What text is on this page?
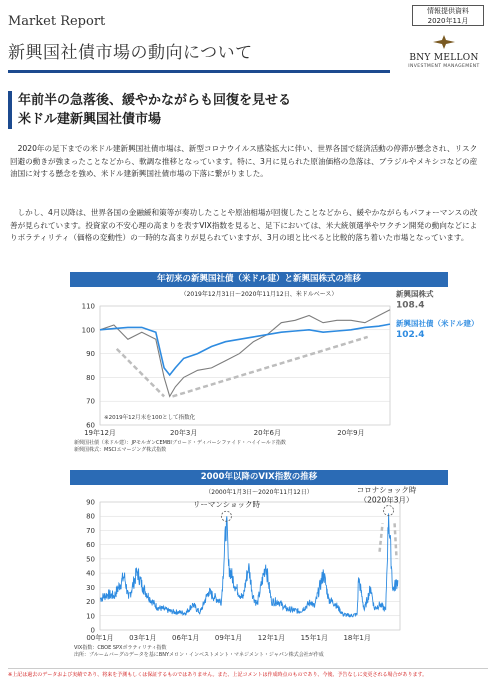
Market Report
新興国社債市場の動向について
情報提供資料
2020年11月
BNY MELLON
INVESTMENT MANAGEMENT
年前半の急落後、緩やかながらも回復を見せる
米ドル建新興国社債市場

2020年の足下までの米ドル建新興国社債市場は、新型コロナウイルス感染拡大に伴い、世界各国で経済活動の停滞が懸念され、リスク回避の動きが強まったことなどから、軟調な推移となっています。特に、3月に見られた原油価格の急落は、ブラジルやメキシコなどの産油国に対する懸念を強め、米ドル建新興国社債市場の下落に繋がりました。

しかし、4月以降は、世界各国の金融緩和策等が奏功したことや原油相場が回復したことなどから、緩やかながらもパフォーマンスの改善が見られています。投資家の不安心理の高まりを表すVIX指数を見ると、足下においては、米大統領選挙やワクチン開発の動向などによりボラティリティ（価格の変動性）の一時的な高まりが見られていますが、3月の頃と比べると比較的落ち着いた市場となっています。

年初来の新興国社債（米ドル建）と新興国株式の推移
（2019年12月31日～2020年11月12日、米ドルベース）
60
70
80
90
100
110
19年12月	20年3月	20年6月	20年9月
※2019年12月末を100として指数化
新興国株式
108.4
新興国社債（米ドル建）
102.4
新興国社債（米ドル建）：JPモルガンCEMBIブロード・ディバーシファイド・ハイイールド指数
新興国株式：MSCIエマージング株式指数
2000年以降のVIX指数の推移
（2000年1月3日～2020年11月12日）
0
10
20
30
40
50
60
70
80
90
00年1月 03年1月 06年1月 09年1月 12年1月 15年1月 18年1月
リーマンショック時
コロナショック時
（2020年3月）
VIX指数：CBOE SPXボラティリティ指数
出所：ブルームバーグのデータを基にBNYメロン・インベストメント・マネジメント・ジャパン株式会社が作成
※上記は過去のデータおよび実績であり、将来を予測もしくは保証するものではありません。また、上記コメントは作成時点のものであり、今後、予告なしに変更される場合があります。
